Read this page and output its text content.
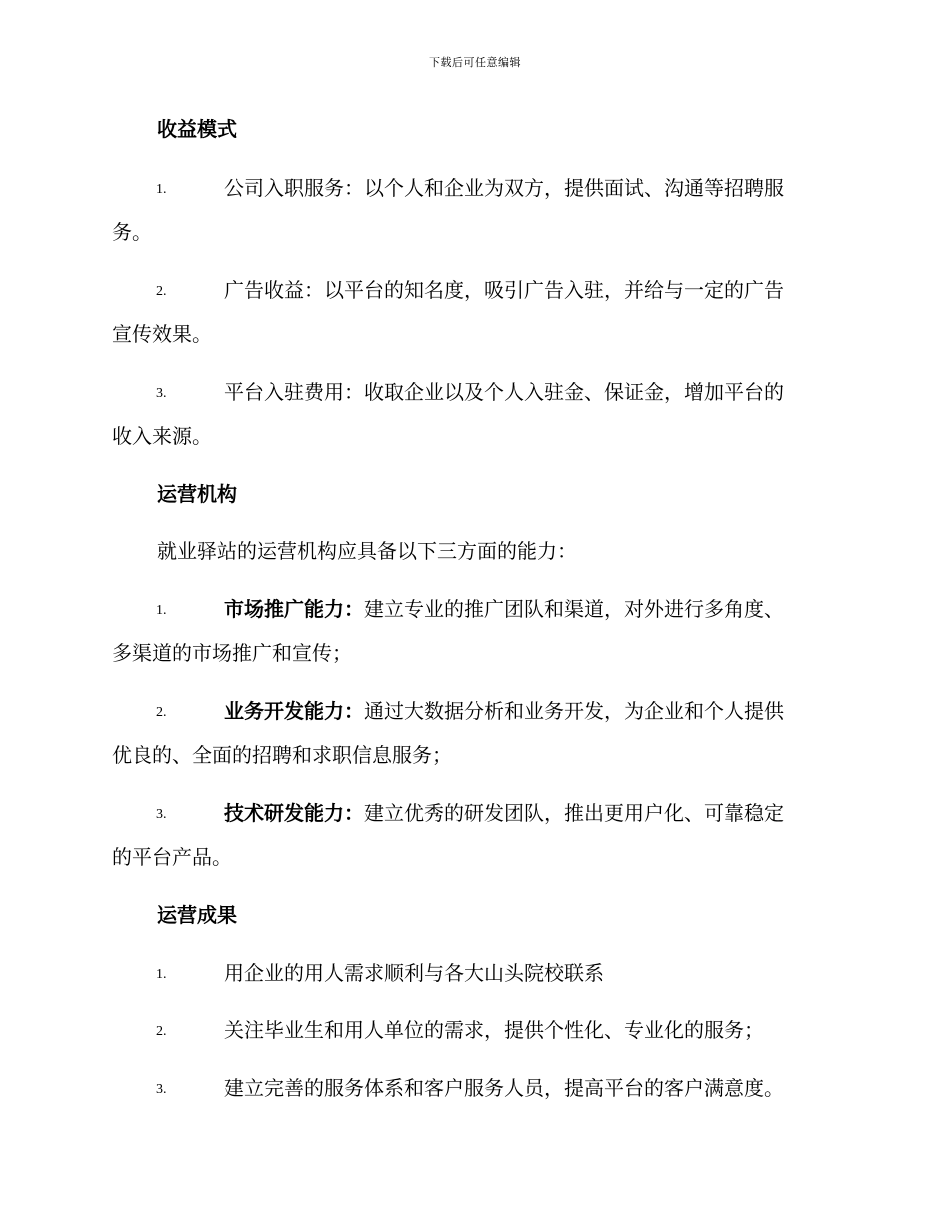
下载后可任意编辑
收益模式
1.	公司入职服务：以个人和企业为双方，提供面试、沟通等招聘服
务。
2.	广告收益：以平台的知名度，吸引广告入驻，并给与一定的广告
宣传效果。
3.	平台入驻费用：收取企业以及个人入驻金、保证金，增加平台的
收入来源。
运营机构
就业驿站的运营机构应具备以下三方面的能力：
1.	市场推广能力：建立专业的推广团队和渠道，对外进行多角度、
多渠道的市场推广和宣传；
2.	业务开发能力：通过大数据分析和业务开发，为企业和个人提供
优良的、全面的招聘和求职信息服务；
3.	技术研发能力：建立优秀的研发团队，推出更用户化、可靠稳定
的平台产品。
运营成果
1.	用企业的用人需求顺利与各大山头院校联系
2.	关注毕业生和用人单位的需求，提供个性化、专业化的服务；
3.	建立完善的服务体系和客户服务人员，提高平台的客户满意度。
